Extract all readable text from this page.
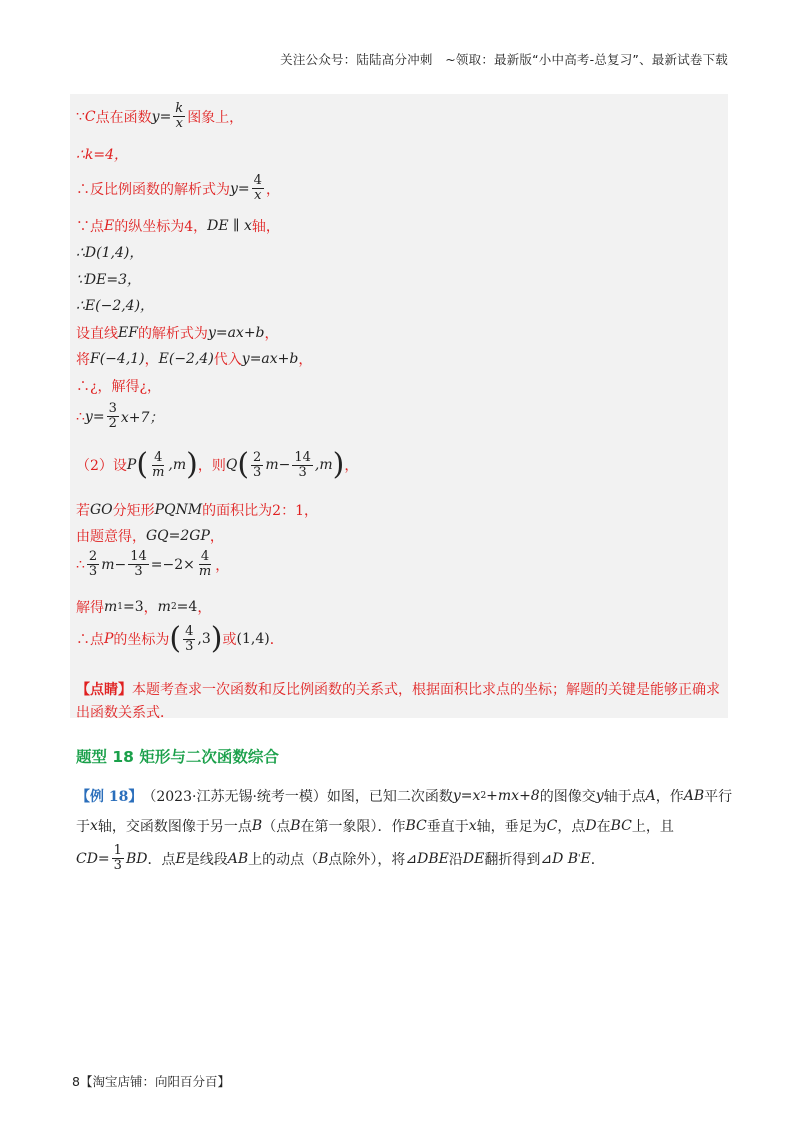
关注公众号：陆陆高分冲刺　~领取：最新版“小中高考-总复习”、最新试卷下载
∵ C 点在函数 $y = \frac{k}{x}$ 图象上，
∴k=4，
∴反比例函数的解析式为 $y = \frac{4}{x}$ ，
∵点 E 的纵坐标为4， DE ∥ x 轴，
∴D(1,4)，
∵DE=3，
∴E(−2,4)，
设直线 EF 的解析式为 y=ax+b ，
将 F(−4,1) ， E(−2,4) 代入 y=ax+b ，
∴¿，解得¿，
∴ $y = \frac{3}{2} x+7$；
（2）设 P ( $\frac{4}{m} ,m$ ) ，则 Q ( $\frac{2}{3}$ $m - \frac{14}{3} ,m$ ) ，
若 GO 分矩形 PQNM 的面积比为2：1，
由题意得， GQ=2GP ，
∴ $\frac{2}{3}$ $m - \frac{14}{3} =-2\times \frac{4}{m}$ ，
解得 m 1 =3 ， m 2 =4 ，
∴点 P 的坐标为 ( $\frac{4}{3} ,3$ ) 或 (1,4) ．
【点睛】本题考查求一次函数和反比例函数的关系式，根据面积比求点的坐标；解题的关键是能够正确求出函数关系式．
题型 18 矩形与二次函数综合
【例 18】 （2023·江苏无锡·统考一模）如图，已知二次函数 y=x 2 +mx+8 的图像交 y 轴于点 A ，作 AB 平行
于 x 轴，交函数图像于另一点 B （点 B 在第一象限）．作 BC 垂直于 x 轴，垂足为 C ，点 D 在 BC 上，且
$CD= \frac{1}{3}$ BD ．点 E 是线段 AB 上的动点（ B 点除外），将 ⊿ DBE 沿 DE 翻折得到 ⊿ D B ' E ．
8【淘宝店铺：向阳百分百】
